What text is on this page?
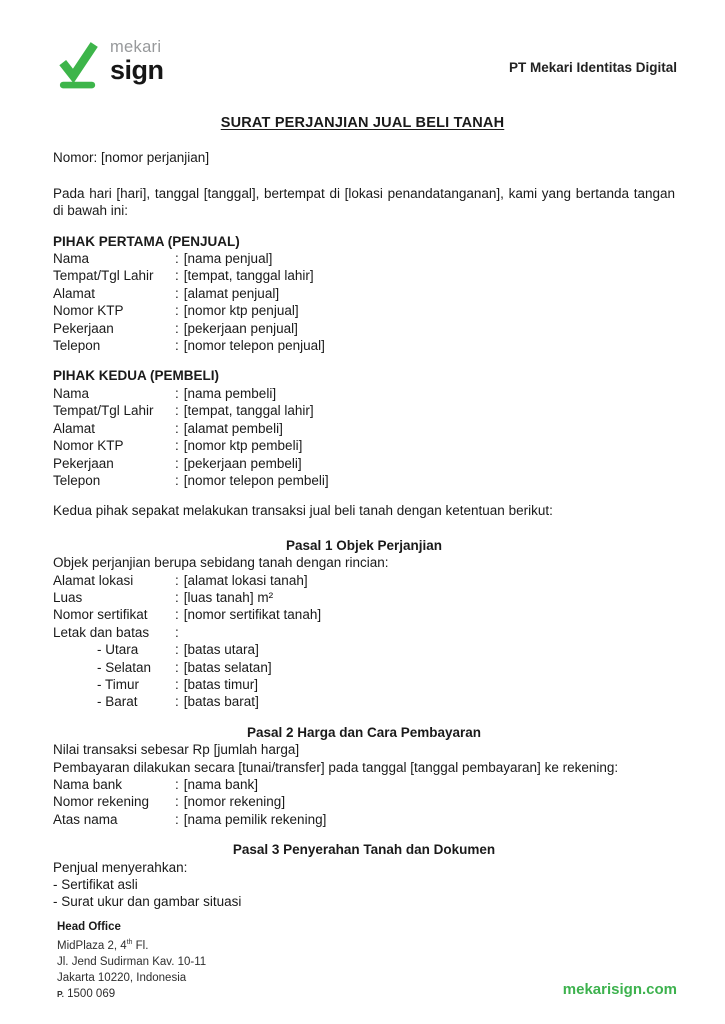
mekari
sign	PT Mekari Identitas Digital
SURAT PERJANJIAN JUAL BELI TANAH
Nomor: [nomor perjanjian]
Pada hari [hari], tanggal [tanggal], bertempat di [lokasi penandatanganan], kami yang bertanda tangan
di bawah ini:
PIHAK PERTAMA (PENJUAL)
Nama	: [nama penjual]
Tempat/Tgl Lahir	: [tempat, tanggal lahir]
Alamat	: [alamat penjual]
Nomor KTP	: [nomor ktp penjual]
Pekerjaan	: [pekerjaan penjual]
Telepon	: [nomor telepon penjual]
PIHAK KEDUA (PEMBELI)
Nama	: [nama pembeli]
Tempat/Tgl Lahir	: [tempat, tanggal lahir]
Alamat	: [alamat pembeli]
Nomor KTP	: [nomor ktp pembeli]
Pekerjaan	: [pekerjaan pembeli]
Telepon	: [nomor telepon pembeli]
Kedua pihak sepakat melakukan transaksi jual beli tanah dengan ketentuan berikut:
Pasal 1 Objek Perjanjian
Objek perjanjian berupa sebidang tanah dengan rincian:
Alamat lokasi	: [alamat lokasi tanah]
Luas	: [luas tanah] m²
Nomor sertifikat	: [nomor sertifikat tanah]
Letak dan batas	:
- Utara	: [batas utara]
- Selatan	: [batas selatan]
- Timur	: [batas timur]
- Barat	: [batas barat]
Pasal 2 Harga dan Cara Pembayaran
Nilai transaksi sebesar Rp [jumlah harga]
Pembayaran dilakukan secara [tunai/transfer] pada tanggal [tanggal pembayaran] ke rekening:
Nama bank	: [nama bank]
Nomor rekening	: [nomor rekening]
Atas nama	: [nama pemilik rekening]
Pasal 3 Penyerahan Tanah dan Dokumen
Penjual menyerahkan:
- Sertifikat asli
- Surat ukur dan gambar situasi
Head Office
MidPlaza 2, 4th Fl.
Jl. Jend Sudirman Kav. 10-11
Jakarta 10220, Indonesia
P. 1500 069	mekarisign.com
